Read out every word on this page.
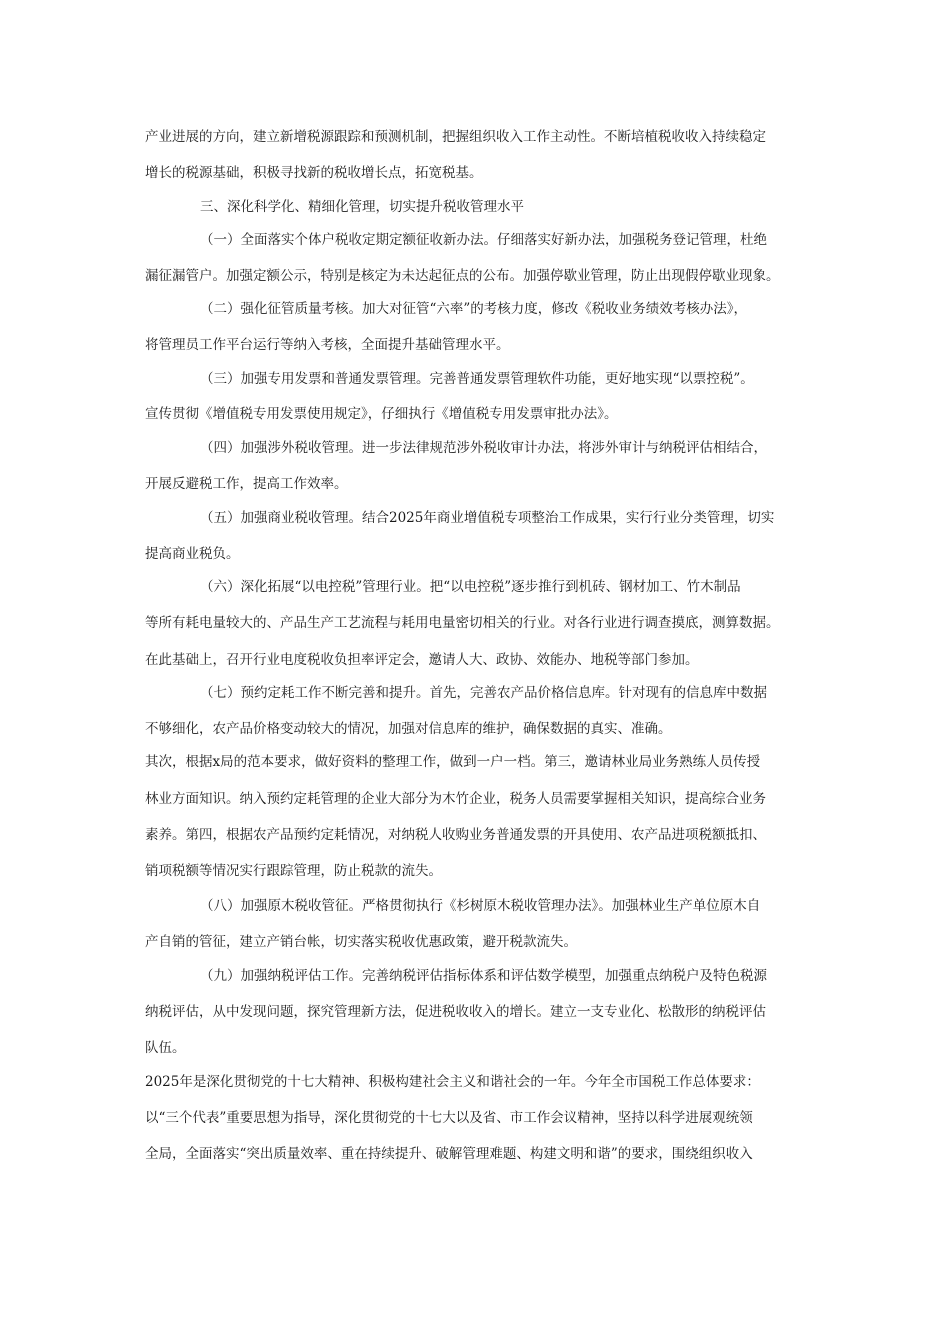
产业进展的方向，建立新增税源跟踪和预测机制，把握组织收入工作主动性。不断培植税收收入持续稳定
增长的税源基础，积极寻找新的税收增长点，拓宽税基。
三、深化科学化、精细化管理，切实提升税收管理水平
（一）全面落实个体户税收定期定额征收新办法。仔细落实好新办法，加强税务登记管理，杜绝
漏征漏管户。加强定额公示，特别是核定为未达起征点的公布。加强停歇业管理，防止出现假停歇业现象。
（二）强化征管质量考核。加大对征管“六率”的考核力度，修改《税收业务绩效考核办法》，
将管理员工作平台运行等纳入考核，全面提升基础管理水平。
（三）加强专用发票和普通发票管理。完善普通发票管理软件功能，更好地实现“以票控税”。
宣传贯彻《增值税专用发票使用规定》，仔细执行《增值税专用发票审批办法》。
（四）加强涉外税收管理。进一步法律规范涉外税收审计办法，将涉外审计与纳税评估相结合，
开展反避税工作，提高工作效率。
（五）加强商业税收管理。结合2025年商业增值税专项整治工作成果，实行行业分类管理，切实
提高商业税负。
（六）深化拓展“以电控税”管理行业。把“以电控税”逐步推行到机砖、钢材加工、竹木制品
等所有耗电量较大的、产品生产工艺流程与耗用电量密切相关的行业。对各行业进行调查摸底，测算数据。
在此基础上，召开行业电度税收负担率评定会，邀请人大、政协、效能办、地税等部门参加。
（七）预约定耗工作不断完善和提升。首先，完善农产品价格信息库。针对现有的信息库中数据
不够细化，农产品价格变动较大的情况，加强对信息库的维护，确保数据的真实、准确。
其次，根据x局的范本要求，做好资料的整理工作，做到一户一档。第三，邀请林业局业务熟练人员传授
林业方面知识。纳入预约定耗管理的企业大部分为木竹企业，税务人员需要掌握相关知识，提高综合业务
素养。第四，根据农产品预约定耗情况，对纳税人收购业务普通发票的开具使用、农产品进项税额抵扣、
销项税额等情况实行跟踪管理，防止税款的流失。
（八）加强原木税收管征。严格贯彻执行《杉树原木税收管理办法》。加强林业生产单位原木自
产自销的管征，建立产销台帐，切实落实税收优惠政策，避开税款流失。
（九）加强纳税评估工作。完善纳税评估指标体系和评估数学模型，加强重点纳税户及特色税源
纳税评估，从中发现问题，探究管理新方法，促进税收收入的增长。建立一支专业化、松散形的纳税评估
队伍。
2025年是深化贯彻党的十七大精神、积极构建社会主义和谐社会的一年。今年全市国税工作总体要求：
以“三个代表”重要思想为指导，深化贯彻党的十七大以及省、市工作会议精神，坚持以科学进展观统领
全局，全面落实“突出质量效率、重在持续提升、破解管理难题、构建文明和谐”的要求，围绕组织收入
